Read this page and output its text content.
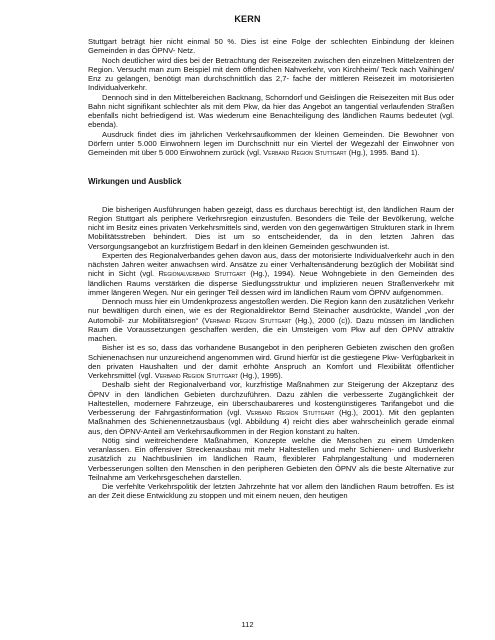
KERN

Stuttgart beträgt hier nicht einmal 50 %. Dies ist eine Folge der schlechten Einbindung der kleinen Gemeinden in das ÖPNV- Netz.

Noch deutlicher wird dies bei der Betrachtung der Reisezeiten zwischen den einzelnen Mittelzentren der Region. Versucht man zum Beispiel mit dem öffentlichen Nahverkehr, von Kirchheim/ Teck nach Vaihingen/ Enz zu gelangen, benötigt man durchschnittlich das 2,7- fache der mittleren Reisezeit im motorisierten Individualverkehr.

Dennoch sind in den Mittelbereichen Backnang, Schorndorf und Geislingen die Reisezeiten mit Bus oder Bahn nicht signifikant schlechter als mit dem Pkw, da hier das Angebot an tangential verlaufenden Straßen ebenfalls nicht befriedigend ist. Was wiederum eine Benachteiligung des ländlichen Raums bedeutet (vgl. ebenda).

Ausdruck findet dies im jährlichen Verkehrsaufkommen der kleinen Gemeinden. Die Bewohner von Dörfern unter 5.000 Einwohnern legen im Durchschnitt nur ein Viertel der Wegezahl der Einwohner von Gemeinden mit über 5 000 Einwohnern zurück (vgl. Verband Region Stuttgart (Hg.), 1995. Band 1).

Wirkungen und Ausblick

Die bisherigen Ausführungen haben gezeigt, dass es durchaus berechtigt ist, den ländlichen Raum der Region Stuttgart als periphere Verkehrsregion einzustufen. Besonders die Teile der Bevölkerung, welche nicht im Besitz eines privaten Verkehrsmittels sind, werden von den gegenwärtigen Strukturen stark in Ihrem Mobilitätsstreben behindert. Dies ist um so entscheidender, da in den letzten Jahren das Versorgungsangebot an kurzfristigem Bedarf in den kleinen Gemeinden geschwunden ist.

Experten des Regionalverbandes gehen davon aus, dass der motorisierte Individualverkehr auch in den nächsten Jahren weiter anwachsen wird. Ansätze zu einer Verhaltensänderung bezüglich der Mobilität sind nicht in Sicht (vgl. Regionalverband Stuttgart (Hg.), 1994). Neue Wohngebiete in den Gemeinden des ländlichen Raums verstärken die disperse Siedlungsstruktur und implizieren neuen Straßenverkehr mit immer längeren Wegen. Nur ein geringer Teil dessen wird im ländlichen Raum vom ÖPNV aufgenommen.

Dennoch muss hier ein Umdenkprozess angestoßen werden. Die Region kann den zusätzlichen Verkehr nur bewältigen durch einen, wie es der Regionaldirektor Bernd Steinacher ausdrückte, Wandel „von der Automobil- zur Mobilitätsregion“ (Verband Region Stuttgart (Hg.), 2000 (c)). Dazu müssen im ländlichen Raum die Voraussetzungen geschaffen werden, die ein Umsteigen vom Pkw auf den ÖPNV attraktiv machen.

Bisher ist es so, dass das vorhandene Busangebot in den peripheren Gebieten zwischen den großen Schienenachsen nur unzureichend angenommen wird. Grund hierfür ist die gestiegene Pkw- Verfügbarkeit in den privaten Haushalten und der damit erhöhte Anspruch an Komfort und Flexibilität öffentlicher Verkehrsmittel (vgl. Verband Region Stuttgart (Hg.), 1995).

Deshalb sieht der Regionalverband vor, kurzfristige Maßnahmen zur Steigerung der Akzeptanz des ÖPNV in den ländlichen Gebieten durchzuführen. Dazu zählen die verbesserte Zugänglichkeit der Haltestellen, modernere Fahrzeuge, ein überschaubareres und kostengünstigeres Tarifangebot und die Verbesserung der Fahrgastinformation (vgl. Verband Region Stuttgart (Hg.), 2001). Mit den geplanten Maßnahmen des Schienennetzausbaus (vgl. Abbildung 4) reicht dies aber wahrscheinlich gerade einmal aus, den ÖPNV-Anteil am Verkehrsaufkommen in der Region konstant zu halten.

Nötig sind weitreichendere Maßnahmen, Konzepte welche die Menschen zu einem Umdenken veranlassen. Ein offensiver Streckenausbau mit mehr Haltestellen und mehr Schienen- und Buslverkehr zusätzlich zu Nachtbuslinien im ländlichen Raum, flexiblerer Fahrplangestaltung und moderneren Verbesserungen sollten den Menschen in den peripheren Gebieten den ÖPNV als die beste Alternative zur Teilnahme am Verkehrsgeschehen darstellen.

Die verfehlte Verkehrspolitik der letzten Jahrzehnte hat vor allem den ländlichen Raum betroffen. Es ist an der Zeit diese Entwicklung zu stoppen und mit einem neuen, den heutigen

112
